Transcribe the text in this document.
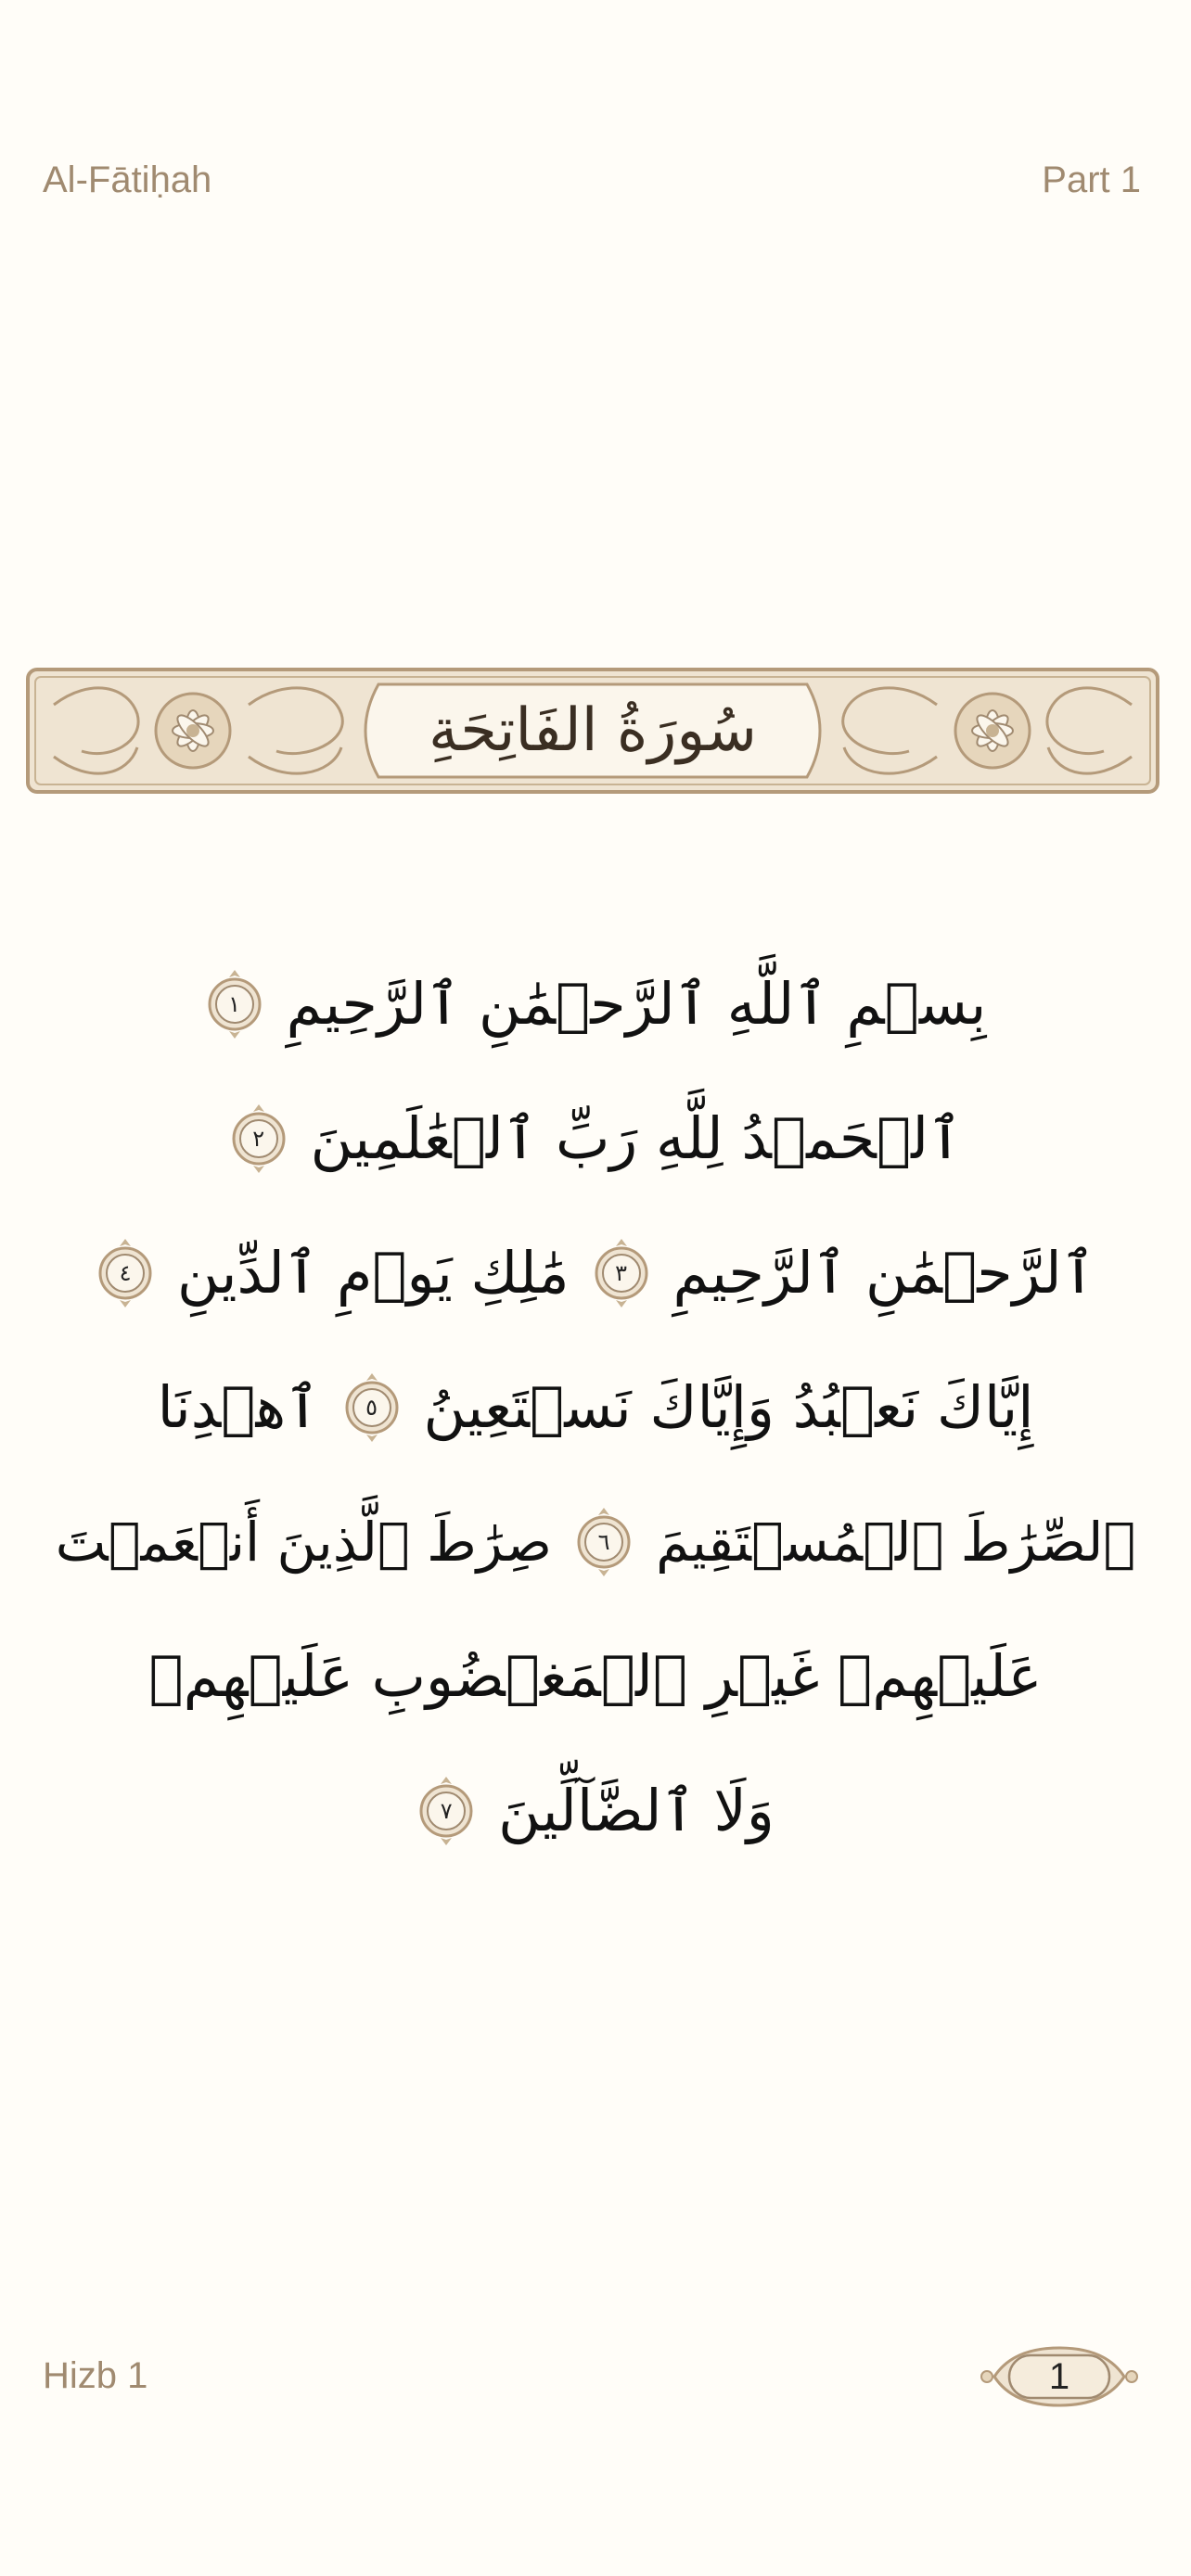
Al-Fātiḥah	Part 1
سُورَةُ الفَاتِحَةِ
بِسۡمِ ٱللَّهِ ٱلرَّحۡمَٰنِ ٱلرَّحِيمِ
١
ٱلۡحَمۡدُ لِلَّهِ رَبِّ ٱلۡعَٰلَمِينَ
٢
ٱلرَّحۡمَٰنِ ٱلرَّحِيمِ
٣
مَٰلِكِ يَوۡمِ ٱلدِّينِ
٤
إِيَّاكَ نَعۡبُدُ وَإِيَّاكَ نَسۡتَعِينُ
٥
ٱهۡدِنَا
ٱلصِّرَٰطَ ٱلۡمُسۡتَقِيمَ
٦
صِرَٰطَ ٱلَّذِينَ أَنۡعَمۡتَ
عَلَيۡهِمۡ غَيۡرِ ٱلۡمَغۡضُوبِ عَلَيۡهِمۡ
وَلَا ٱلضَّآلِّينَ
٧
Hizb 1	1
